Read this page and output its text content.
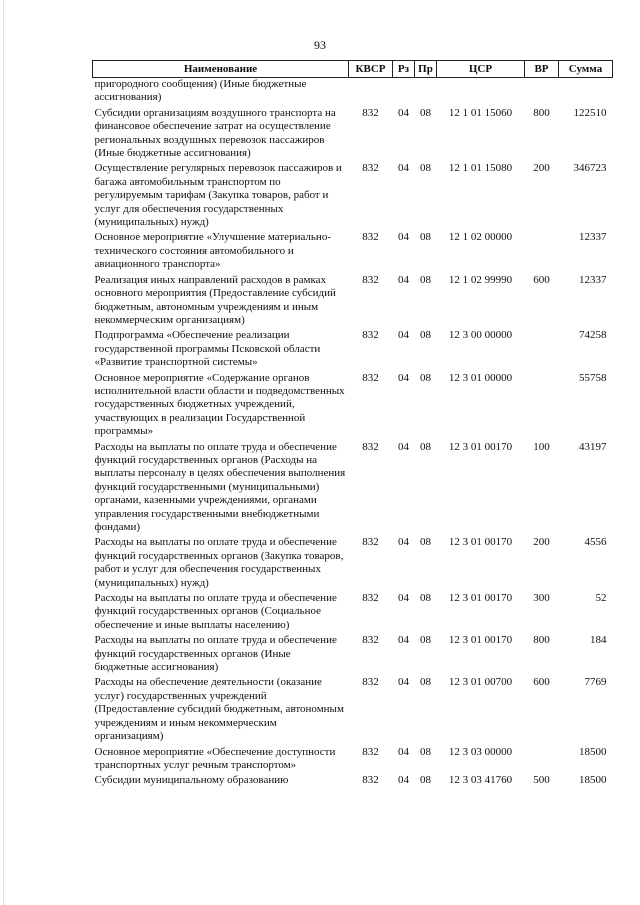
93
Наименование	КВСР	Рз	Пр	ЦСР	ВР	Сумма
пригородного сообщения) (Иные бюджетные ассигнования)						
Субсидии организациям воздушного транспорта на финансовое обеспечение затрат на осуществление региональных воздушных перевозок пассажиров (Иные бюджетные ассигнования)	832	04	08	12 1 01 15060	800	122510
Осуществление регулярных перевозок пассажиров и багажа автомобильным транспортом по регулируемым тарифам (Закупка товаров, работ и услуг для обеспечения государственных (муниципальных) нужд)	832	04	08	12 1 01 15080	200	346723
Основное мероприятие «Улучшение материально-технического состояния автомобильного и авиационного транспорта»	832	04	08	12 1 02 00000		12337
Реализация иных направлений расходов в рамках основного мероприятия (Предоставление субсидий бюджетным, автономным учреждениям и иным некоммерческим организациям)	832	04	08	12 1 02 99990	600	12337
Подпрограмма «Обеспечение реализации государственной программы Псковской области «Развитие транспортной системы»	832	04	08	12 3 00 00000		74258
Основное мероприятие «Содержание органов исполнительной власти области и подведомственных государственных бюджетных учреждений, участвующих в реализации Государственной программы»	832	04	08	12 3 01 00000		55758
Расходы на выплаты по оплате труда и обеспечение функций государственных органов (Расходы на выплаты персоналу в целях обеспечения выполнения функций государственными (муниципальными) органами, казенными учреждениями, органами управления государственными внебюджетными фондами)	832	04	08	12 3 01 00170	100	43197
Расходы на выплаты по оплате труда и обеспечение функций государственных органов (Закупка товаров, работ и услуг для обеспечения государственных (муниципальных) нужд)	832	04	08	12 3 01 00170	200	4556
Расходы на выплаты по оплате труда и обеспечение функций государственных органов (Социальное обеспечение и иные выплаты населению)	832	04	08	12 3 01 00170	300	52
Расходы на выплаты по оплате труда и обеспечение функций государственных органов (Иные бюджетные ассигнования)	832	04	08	12 3 01 00170	800	184
Расходы на обеспечение деятельности (оказание услуг) государственных учреждений (Предоставление субсидий бюджетным, автономным учреждениям и иным некоммерческим организациям)	832	04	08	12 3 01 00700	600	7769
Основное мероприятие «Обеспечение доступности транспортных услуг речным транспортом»	832	04	08	12 3 03 00000		18500
Субсидии муниципальному образованию	832	04	08	12 3 03 41760	500	18500
